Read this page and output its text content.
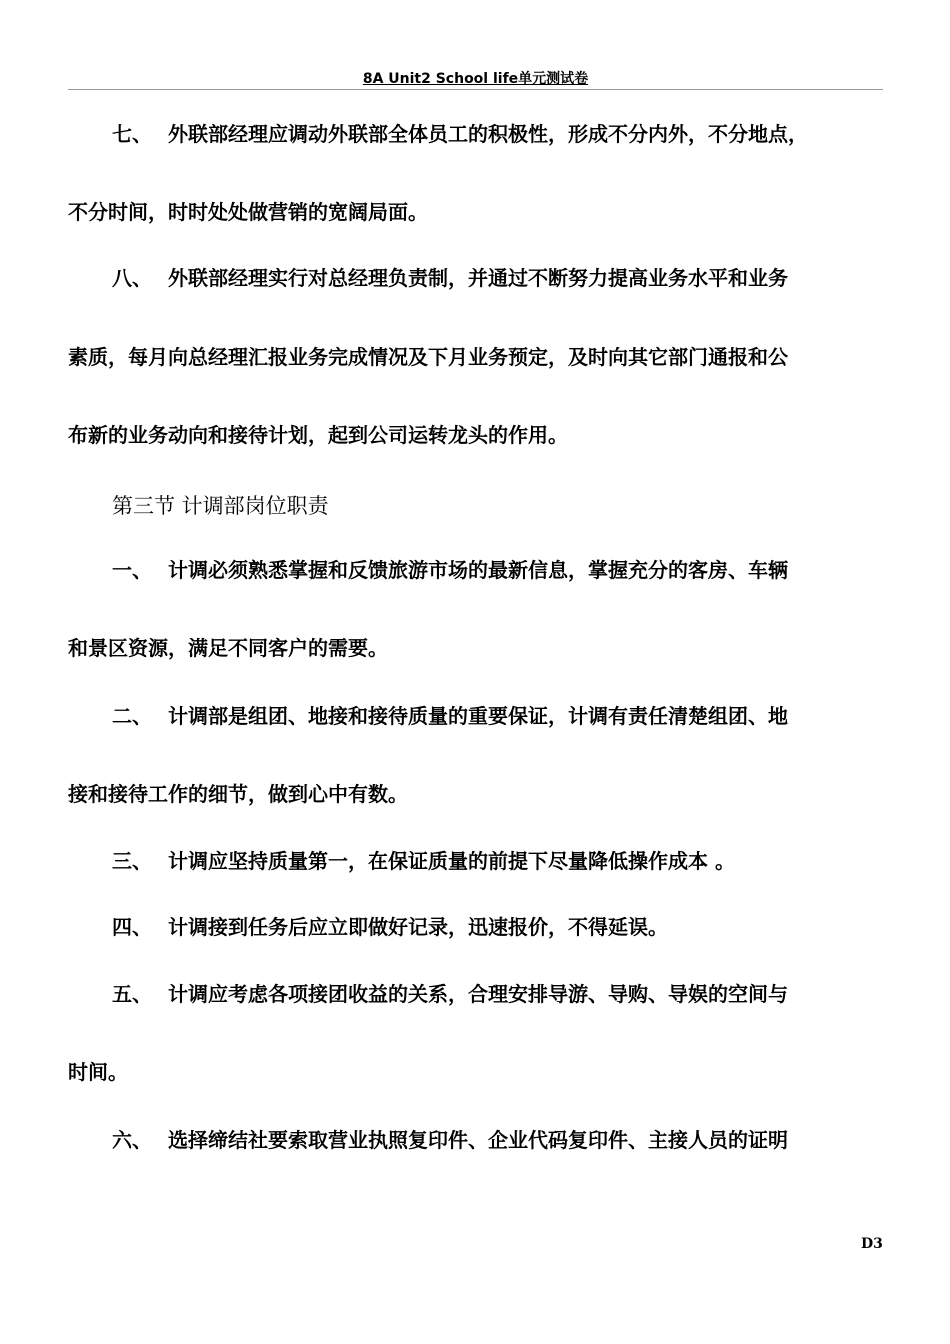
8A Unit2 School life单元测试卷
七、 外联部经理应调动外联部全体员工的积极性，形成不分内外，不分地点，
不分时间，时时处处做营销的宽阔局面。
八、 外联部经理实行对总经理负责制，并通过不断努力提高业务水平和业务
素质，每月向总经理汇报业务完成情况及下月业务预定，及时向其它部门通报和公
布新的业务动向和接待计划，起到公司运转龙头的作用。
第三节 计调部岗位职责
一、 计调必须熟悉掌握和反馈旅游市场的最新信息，掌握充分的客房、车辆
和景区资源，满足不同客户的需要。
二、 计调部是组团、地接和接待质量的重要保证，计调有责任清楚组团、地
接和接待工作的细节，做到心中有数。
三、 计调应坚持质量第一，在保证质量的前提下尽量降低操作成本 。
四、 计调接到任务后应立即做好记录，迅速报价，不得延误。
五、 计调应考虑各项接团收益的关系，合理安排导游、导购、导娱的空间与
时间。
六、 选择缔结社要索取营业执照复印件、企业代码复印件、主接人员的证明
D3
